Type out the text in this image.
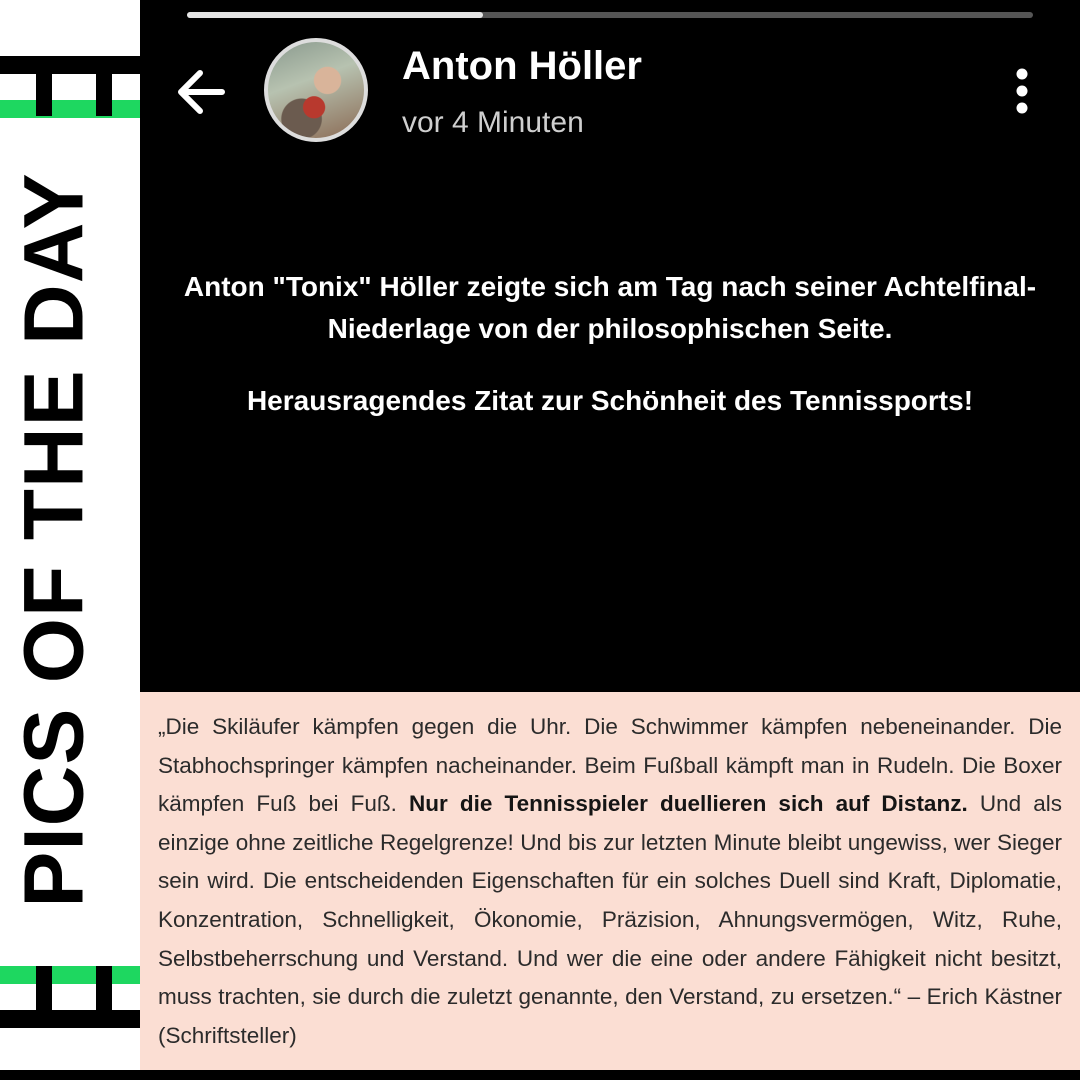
PICS OF THE DAY
Anton Höller
vor 4 Minuten

Anton "Tonix" Höller zeigte sich am Tag nach seiner Achtelfinal-Niederlage von der philosophischen Seite.

Herausragendes Zitat zur Schönheit des Tennissports!

„Die Skiläufer kämpfen gegen die Uhr. Die Schwimmer kämpfen nebeneinander. Die Stabhochspringer kämpfen nacheinander. Beim Fußball kämpft man in Rudeln. Die Boxer kämpfen Fuß bei Fuß. Nur die Tennisspieler duellieren sich auf Distanz. Und als einzige ohne zeitliche Regelgrenze! Und bis zur letzten Minute bleibt ungewiss, wer Sieger sein wird. Die entscheidenden Eigenschaften für ein solches Duell sind Kraft, Diplomatie, Konzentration, Schnelligkeit, Ökonomie, Präzision, Ahnungsvermögen, Witz, Ruhe, Selbstbeherrschung und Verstand. Und wer die eine oder andere Fähigkeit nicht besitzt, muss trachten, sie durch die zuletzt genannte, den Verstand, zu ersetzen.“ – Erich Kästner (Schriftsteller)
